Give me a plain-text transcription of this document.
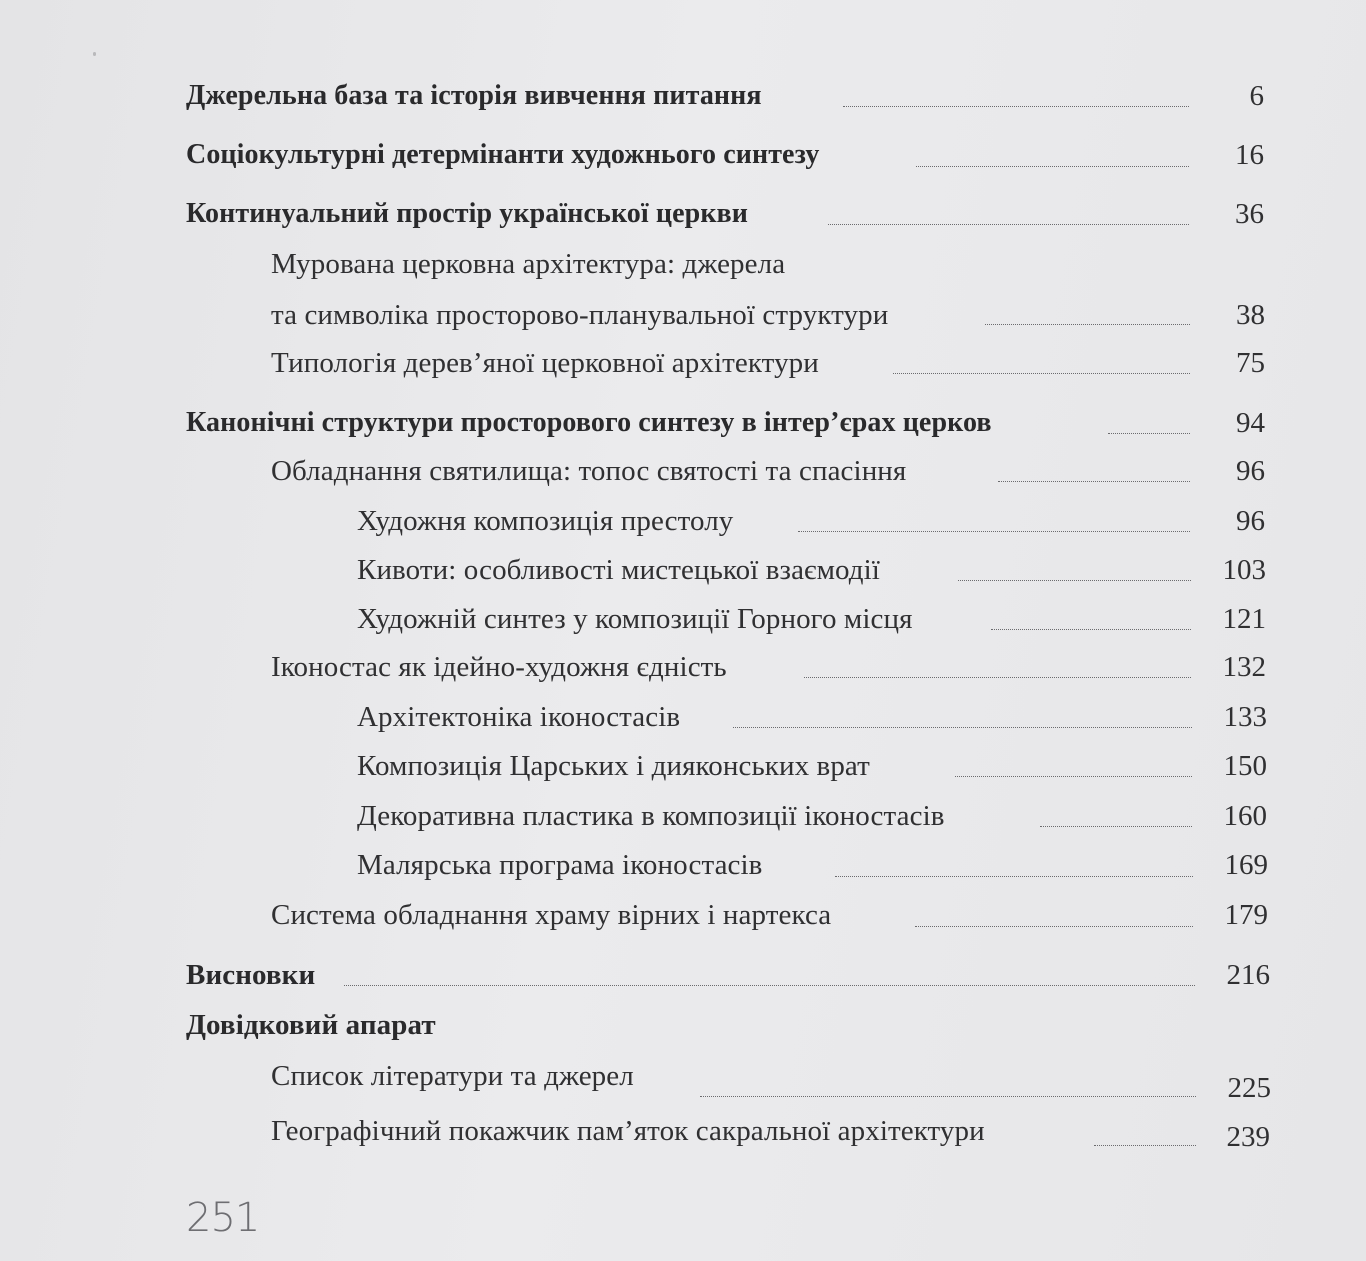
Джерельна база та історія вивчення питання	6
Соціокультурні детермінанти художнього синтезу	16
Континуальний простір української церкви	36
Мурована церковна архітектура: джерела
та символіка просторово-планувальної структури	38
Типологія дерев’яної церковної архітектури	75
Канонічні структури просторового синтезу в інтер’єрах церков	94
Обладнання святилища: топос святості та спасіння	96
Художня композиція престолу	96
Кивоти: особливості мистецької взаємодії	103
Художній синтез у композиції Горного місця	121
Іконостас як ідейно-художня єдність	132
Архітектоніка іконостасів	133
Композиція Царських і дияконських врат	150
Декоративна пластика в композиції іконостасів	160
Малярська програма іконостасів	169
Система обладнання храму вірних і нартекса	179
Висновки	216
Довідковий апарат
Список літератури та джерел	225
Географічний покажчик пам’яток сакральної архітектури	239
251
